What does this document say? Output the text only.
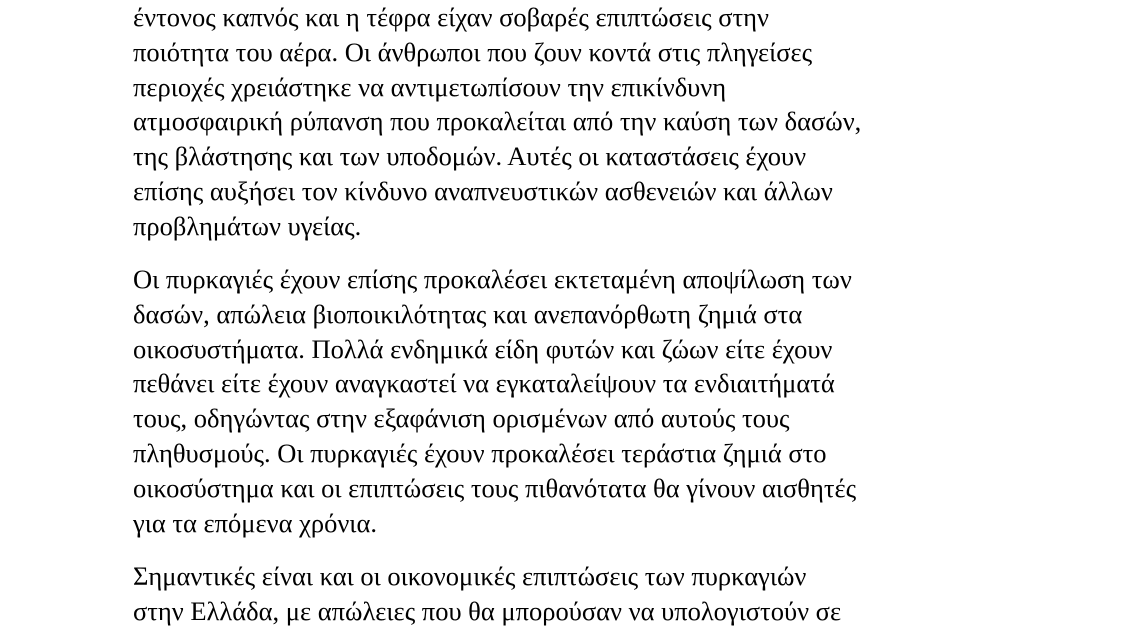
έντονος καπνός και η τέφρα είχαν σοβαρές επιπτώσεις στην
ποιότητα του αέρα. Οι άνθρωποι που ζουν κοντά στις πληγείσες
περιοχές χρειάστηκε να αντιμετωπίσουν την επικίνδυνη
ατμοσφαιρική ρύπανση που προκαλείται από την καύση των δασών,
της βλάστησης και των υποδομών. Αυτές οι καταστάσεις έχουν
επίσης αυξήσει τον κίνδυνο αναπνευστικών ασθενειών και άλλων
προβλημάτων υγείας.

Οι πυρκαγιές έχουν επίσης προκαλέσει εκτεταμένη αποψίλωση των
δασών, απώλεια βιοποικιλότητας και ανεπανόρθωτη ζημιά στα
οικοσυστήματα. Πολλά ενδημικά είδη φυτών και ζώων είτε έχουν
πεθάνει είτε έχουν αναγκαστεί να εγκαταλείψουν τα ενδιαιτήματά
τους, οδηγώντας στην εξαφάνιση ορισμένων από αυτούς τους
πληθυσμούς. Οι πυρκαγιές έχουν προκαλέσει τεράστια ζημιά στο
οικοσύστημα και οι επιπτώσεις τους πιθανότατα θα γίνουν αισθητές
για τα επόμενα χρόνια.

Σημαντικές είναι και οι οικονομικές επιπτώσεις των πυρκαγιών
στην Ελλάδα, με απώλειες που θα μπορούσαν να υπολογιστούν σε
